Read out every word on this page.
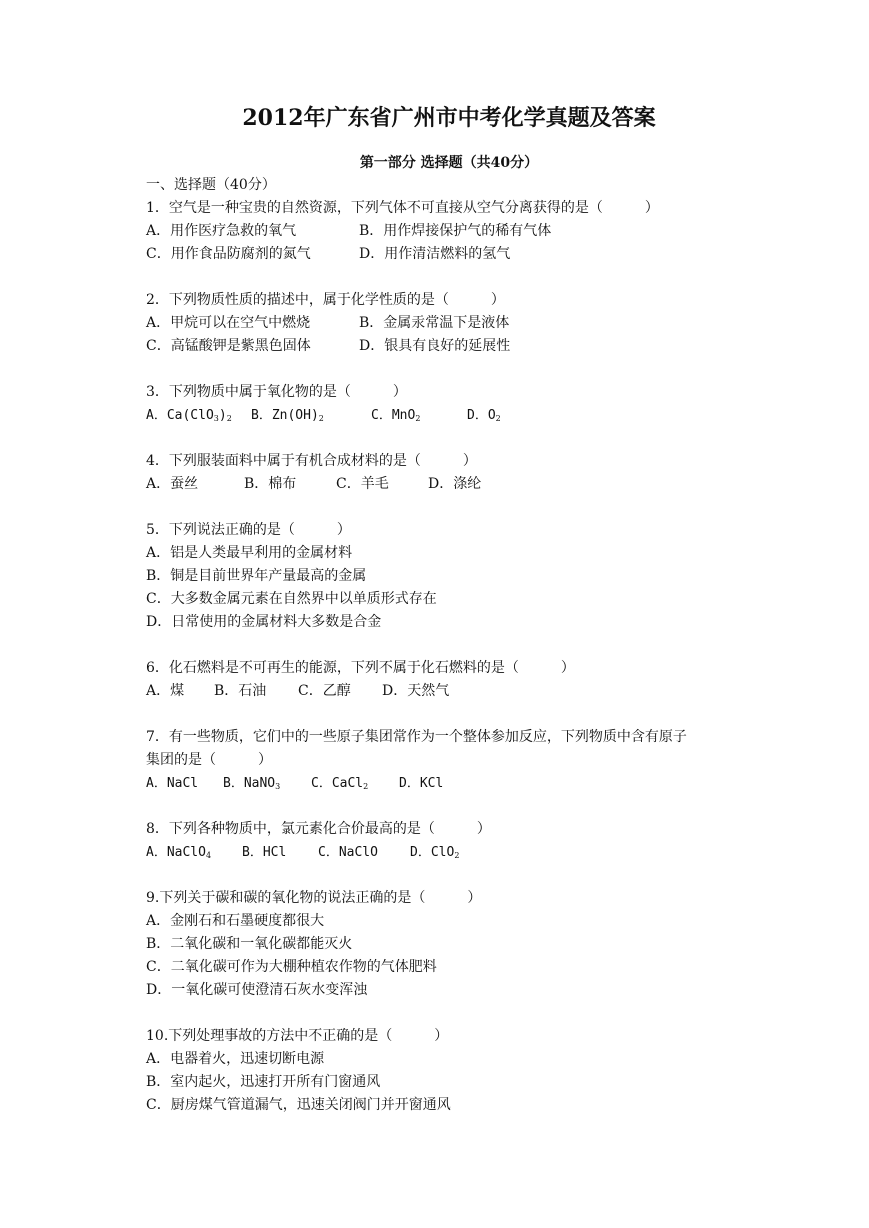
2012年广东省广州市中考化学真题及答案
第一部分 选择题（共40分）
一、选择题（40分）
1．空气是一种宝贵的自然资源，下列气体不可直接从空气分离获得的是（　　　）
A．用作医疗急救的氧气	B．用作焊接保护气的稀有气体
C．用作食品防腐剂的氮气	D．用作清洁燃料的氢气
2．下列物质性质的描述中，属于化学性质的是（　　　）
A．甲烷可以在空气中燃烧	B．金属汞常温下是液体
C．高锰酸钾是紫黑色固体	D．银具有良好的延展性
3．下列物质中属于氧化物的是（　　　）
A．$Ca(ClO_3)_2$	B．$Zn(OH)_2$	C．MnO$_2$	D．$O_2$
4．下列服装面料中属于有机合成材料的是（　　　）
A．蚕丝	B．棉布	C．羊毛	D．涤纶
5．下列说法正确的是（　　　）
A．铝是人类最早利用的金属材料
B．铜是目前世界年产量最高的金属
C．大多数金属元素在自然界中以单质形式存在
D．日常使用的金属材料大多数是合金
6．化石燃料是不可再生的能源，下列不属于化石燃料的是（　　　）
A．煤	B．石油	C．乙醇	D．天然气
7．有一些物质，它们中的一些原子集团常作为一个整体参加反应，下列物质中含有原子
集团的是（　　　）
A．NaCl	B．NaNO$_3$	C．CaCl$_2$	D．KCl
8．下列各种物质中，氯元素化合价最高的是（　　　）
A．NaClO$_4$	B．HCl	C．NaClO	D．ClO$_2$
9.下列关于碳和碳的氧化物的说法正确的是（　　　）
A．金刚石和石墨硬度都很大
B．二氧化碳和一氧化碳都能灭火
C．二氧化碳可作为大棚种植农作物的气体肥料
D．一氧化碳可使澄清石灰水变浑浊
10.下列处理事故的方法中不正确的是（　　　）
A．电器着火，迅速切断电源
B．室内起火，迅速打开所有门窗通风
C．厨房煤气管道漏气，迅速关闭阀门并开窗通风
